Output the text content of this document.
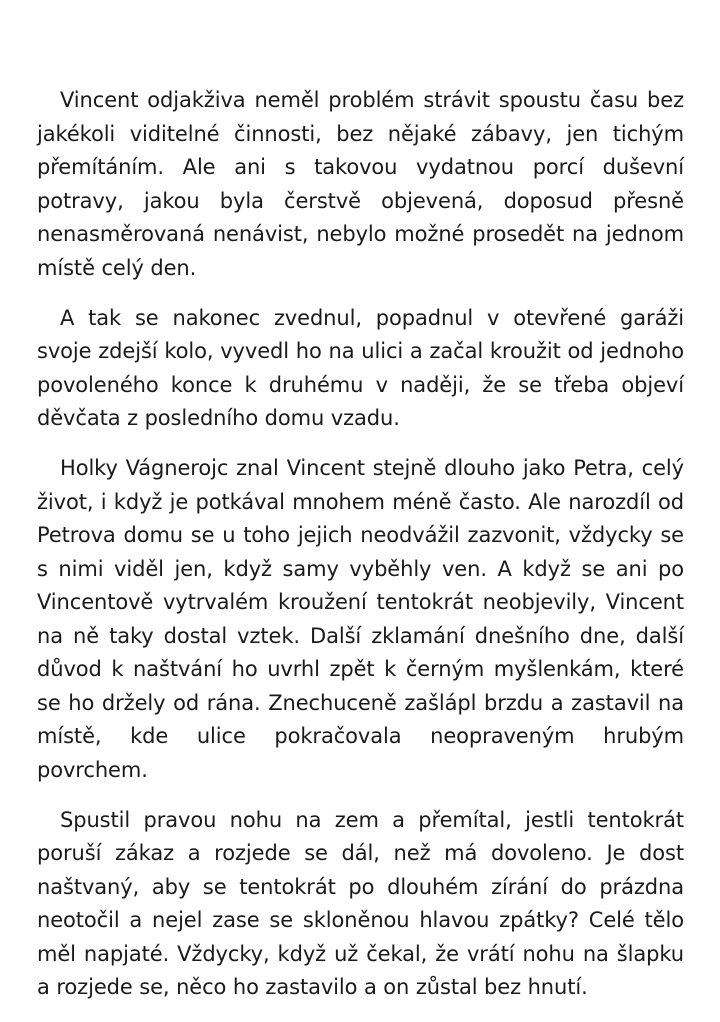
Vincent odjakživa neměl problém strávit spoustu času bez jakékoli viditelné činnosti, bez nějaké zábavy, jen tichým přemítáním. Ale ani s takovou vydatnou porcí duševní potravy, jakou byla čerstvě objevená, doposud přesně nenasměrovaná nenávist, nebylo možné prosedět na jednom místě celý den.

A tak se nakonec zvednul, popadnul v otevřené garáži svoje zdejší kolo, vyvedl ho na ulici a začal kroužit od jednoho povoleného konce k druhému v naději, že se třeba objeví děvčata z posledního domu vzadu.

Holky Vágnerojc znal Vincent stejně dlouho jako Petra, celý život, i když je potkával mnohem méně často. Ale narozdíl od Petrova domu se u toho jejich neodvážil zazvonit, vždycky se s nimi viděl jen, když samy vyběhly ven. A když se ani po Vincentově vytrvalém kroužení tentokrát neobjevily, Vincent na ně taky dostal vztek. Další zklamání dnešního dne, další důvod k naštvání ho uvrhl zpět k černým myšlenkám, které se ho držely od rána. Znechuceně zašlápl brzdu a zastavil na místě, kde ulice pokračovala neopraveným hrubým povrchem.

Spustil pravou nohu na zem a přemítal, jestli tentokrát poruší zákaz a rozjede se dál, než má dovoleno. Je dost naštvaný, aby se tentokrát po dlouhém zírání do prázdna neotočil a nejel zase se skloněnou hlavou zpátky? Celé tělo měl napjaté. Vždycky, když už čekal, že vrátí nohu na šlapku a rozjede se, něco ho zastavilo a on zůstal bez hnutí.
